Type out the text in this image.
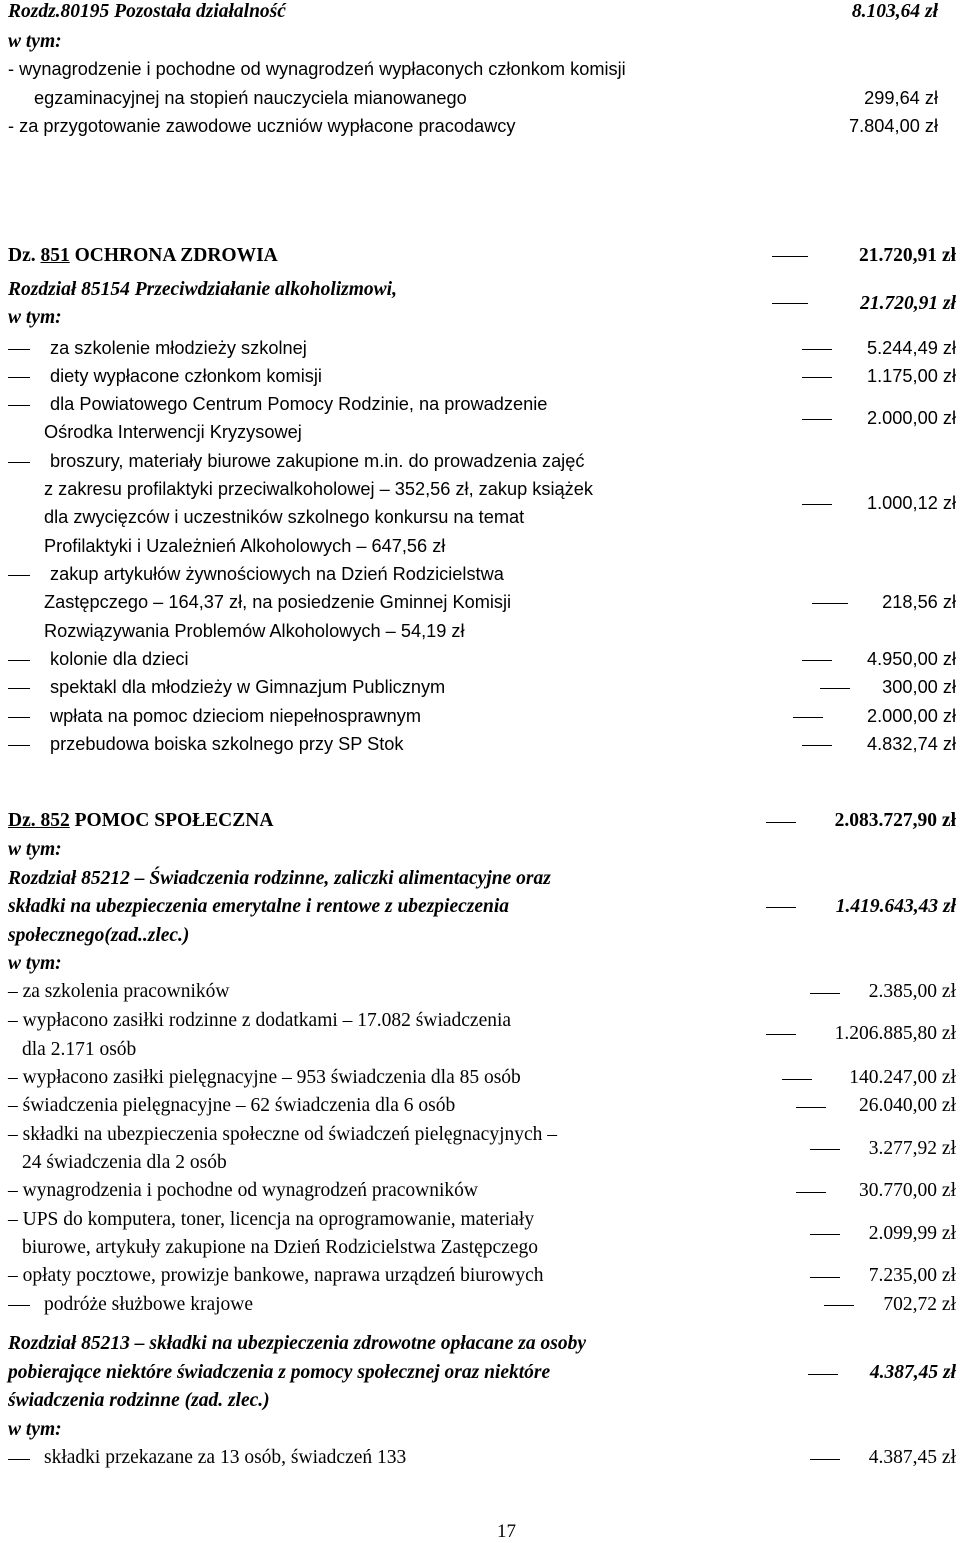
Rozdz.80195 Pozostała działalność	8.103,64 zł
w tym:
- wynagrodzenie i pochodne od wynagrodzeń wypłaconych członkom komisji
egzaminacyjnej na stopień nauczyciela mianowanego	299,64 zł
- za przygotowanie zawodowe uczniów wypłacone pracodawcy	7.804,00 zł
Dz. 851 OCHRONA ZDROWIA	21.720,91 zł
Rozdział 85154 Przeciwdziałanie alkoholizmowi,
w tym:
21.720,91 zł
za szkolenie młodzieży szkolnej	5.244,49 zł
diety wypłacone członkom komisji	1.175,00 zł
dla Powiatowego Centrum Pomocy Rodzinie, na prowadzenie
Ośrodka Interwencji Kryzysowej
2.000,00 zł
broszury, materiały biurowe zakupione m.in. do prowadzenia zajęć
z zakresu profilaktyki przeciwalkoholowej – 352,56 zł, zakup książek
dla zwycięzców i uczestników szkolnego konkursu na temat
Profilaktyki i Uzależnień Alkoholowych – 647,56 zł
1.000,12 zł
zakup artykułów żywnościowych na Dzień Rodzicielstwa
Zastępczego – 164,37 zł, na posiedzenie Gminnej Komisji
Rozwiązywania Problemów Alkoholowych – 54,19 zł
218,56 zł
kolonie dla dzieci	4.950,00 zł
spektakl dla młodzieży w Gimnazjum Publicznym	300,00 zł
wpłata na pomoc dzieciom niepełnosprawnym	2.000,00 zł
przebudowa boiska szkolnego przy SP Stok	4.832,74 zł
Dz. 852 POMOC SPOŁECZNA	2.083.727,90 zł
w tym:
Rozdział 85212 – Świadczenia rodzinne, zaliczki alimentacyjne oraz
składki na ubezpieczenia emerytalne i rentowe z ubezpieczenia
społecznego(zad..zlec.)
1.419.643,43 zł
w tym:
– za szkolenia pracowników	2.385,00 zł
– wypłacono zasiłki rodzinne z dodatkami – 17.082 świadczenia
dla 2.171 osób
1.206.885,80 zł
– wypłacono zasiłki pielęgnacyjne – 953 świadczenia dla 85 osób	140.247,00 zł
– świadczenia pielęgnacyjne – 62 świadczenia dla 6 osób	26.040,00 zł
– składki na ubezpieczenia społeczne od świadczeń pielęgnacyjnych –
24 świadczenia dla 2 osób
3.277,92 zł
– wynagrodzenia i pochodne od wynagrodzeń pracowników	30.770,00 zł
– UPS do komputera, toner, licencja na oprogramowanie, materiały
biurowe, artykuły zakupione na Dzień Rodzicielstwa Zastępczego
2.099,99 zł
– opłaty pocztowe, prowizje bankowe, naprawa urządzeń biurowych	7.235,00 zł
podróże służbowe krajowe	702,72 zł
Rozdział 85213 – składki na ubezpieczenia zdrowotne opłacane za osoby
pobierające niektóre świadczenia z pomocy społecznej oraz niektóre
świadczenia rodzinne (zad. zlec.)
4.387,45 zł
w tym:
składki przekazane za 13 osób, świadczeń 133	4.387,45 zł
17
